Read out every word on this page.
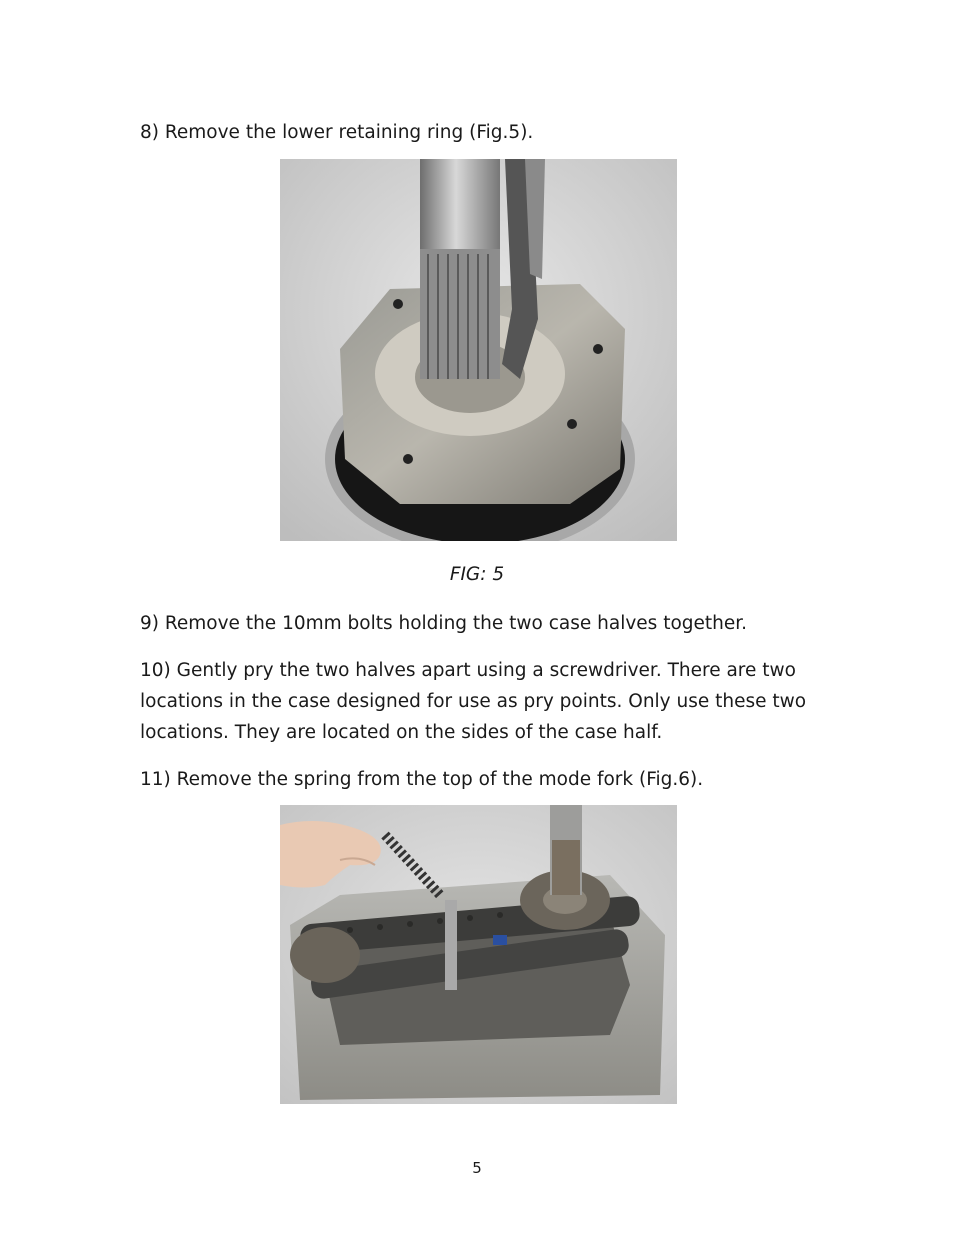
8) Remove the lower retaining ring (Fig.5).

FIG: 5

9) Remove the 10mm bolts holding the two case halves together.

10) Gently pry the two halves apart using a screwdriver. There are two locations in the case designed for use as pry points. Only use these two locations. They are located on the sides of the case half.

11) Remove the spring from the top of the mode fork (Fig.6).

5
